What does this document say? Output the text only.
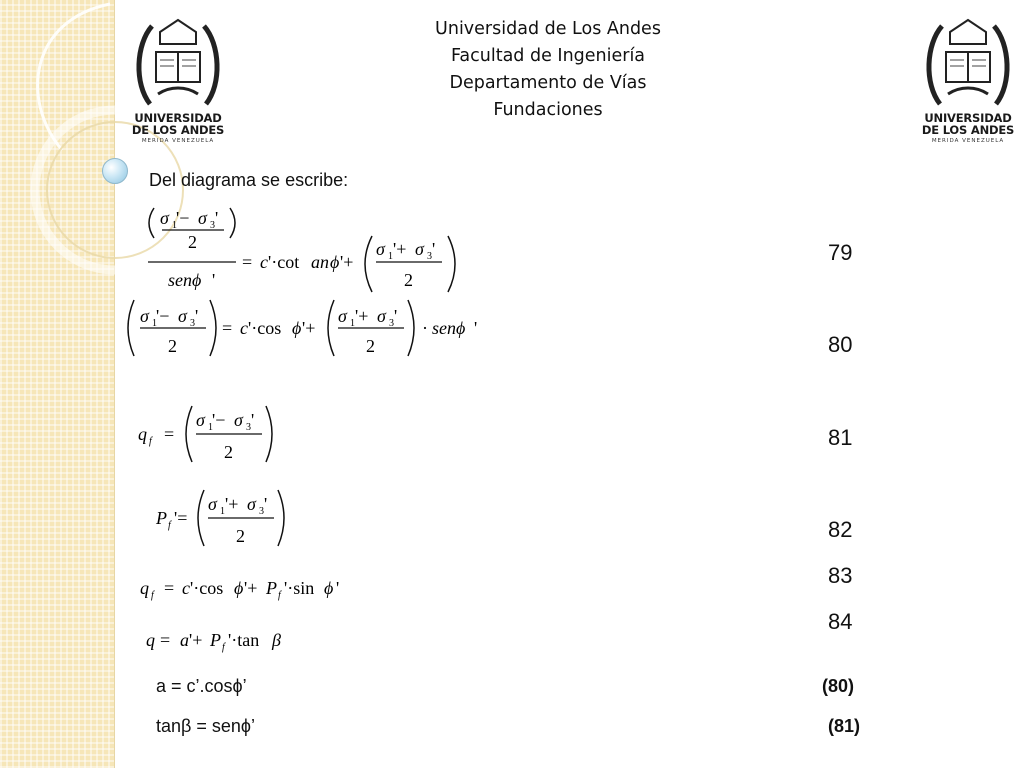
UNIVERSIDAD
DE LOS ANDES
MERIDA VENEZUELA
UNIVERSIDAD
DE LOS ANDES
MERIDA VENEZUELA
Universidad de Los Andes
Facultad de Ingeniería
Departamento de Vías
Fundaciones
Del diagrama se escribe:
σ 1 '− σ 3 '
2
senϕ '
= c '·cot an ϕ '+
σ 1 '+ σ 3 '
2
σ 1 '− σ 3 '
2
= c '·cos ϕ '+
σ 1 '+ σ 3 '
2
· senϕ '
q f =
σ 1 '− σ 3 '
2
P f '=
σ 1 '+ σ 3 '
2
q f = c '·cos ϕ '+ P f '·sin ϕ '
q = a '+ P f '·tan β
79
80
81
82
83
84
a = c’.cosϕ’	(80)
tanβ = senϕ’	(81)
